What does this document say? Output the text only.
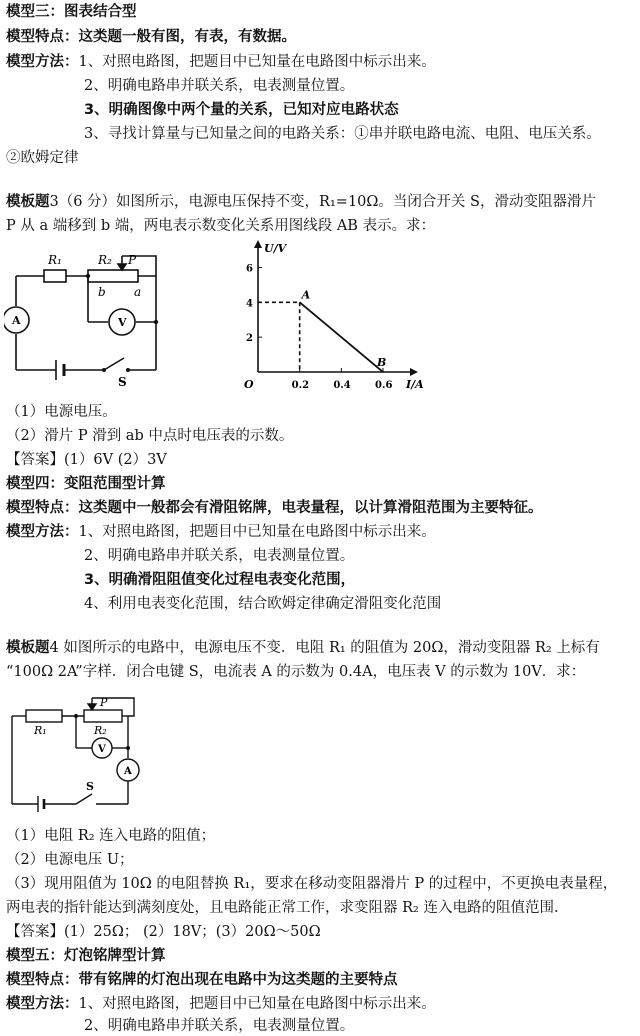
模型三：图表结合型
模型特点：这类题一般有图，有表，有数据。
模型方法：1、对照电路图，把题目中已知量在电路图中标示出来。
2、明确电路串并联关系，电表测量位置。
3、明确图像中两个量的关系，已知对应电路状态
3、寻找计算量与已知量之间的电路关系：①串并联电路电流、电阻、电压关系。
②欧姆定律
模板题3（6 分）如图所示，电源电压保持不变，R₁=10Ω。当闭合开关 S，滑动变阻器滑片
P 从 a 端移到 b 端，两电表示数变化关系用图线段 AB 表示。求：
R₁	R₂ P
b a
A	V
S	I/A
U/V
O	0.2 0.4 0.6
2
4
6
A
B
（1）电源电压。
（2）滑片 P 滑到 ab 中点时电压表的示数。
【答案】(1）6V (2）3V
模型四：变阻范围型计算
模型特点：这类题中一般都会有滑阻铭牌，电表量程，以计算滑阻范围为主要特征。
模型方法：1、对照电路图，把题目中已知量在电路图中标示出来。
2、明确电路串并联关系，电表测量位置。
3、明确滑阻阻值变化过程电表变化范围，
4、利用电表变化范围，结合欧姆定律确定滑阻变化范围
模板题4 如图所示的电路中，电源电压不变．电阻 R₁ 的阻值为 20Ω，滑动变阻器 R₂ 上标有
“100Ω 2A”字样．闭合电键 S，电流表 A 的示数为 0.4A，电压表 V 的示数为 10V．求：
R₁	R₂
P
V
A
S
（1）电阻 R₂ 连入电路的阻值；
（2）电源电压 U；
（3）现用阻值为 10Ω 的电阻替换 R₁，要求在移动变阻器滑片 P 的过程中，不更换电表量程，
两电表的指针能达到满刻度处，且电路能正常工作，求变阻器 R₂ 连入电路的阻值范围.
【答案】(1）25Ω； (2）18V；(3）20Ω～50Ω
模型五：灯泡铭牌型计算
模型特点：带有铭牌的灯泡出现在电路中为这类题的主要特点
模型方法：1、对照电路图，把题目中已知量在电路图中标示出来。
2、明确电路串并联关系，电表测量位置。
